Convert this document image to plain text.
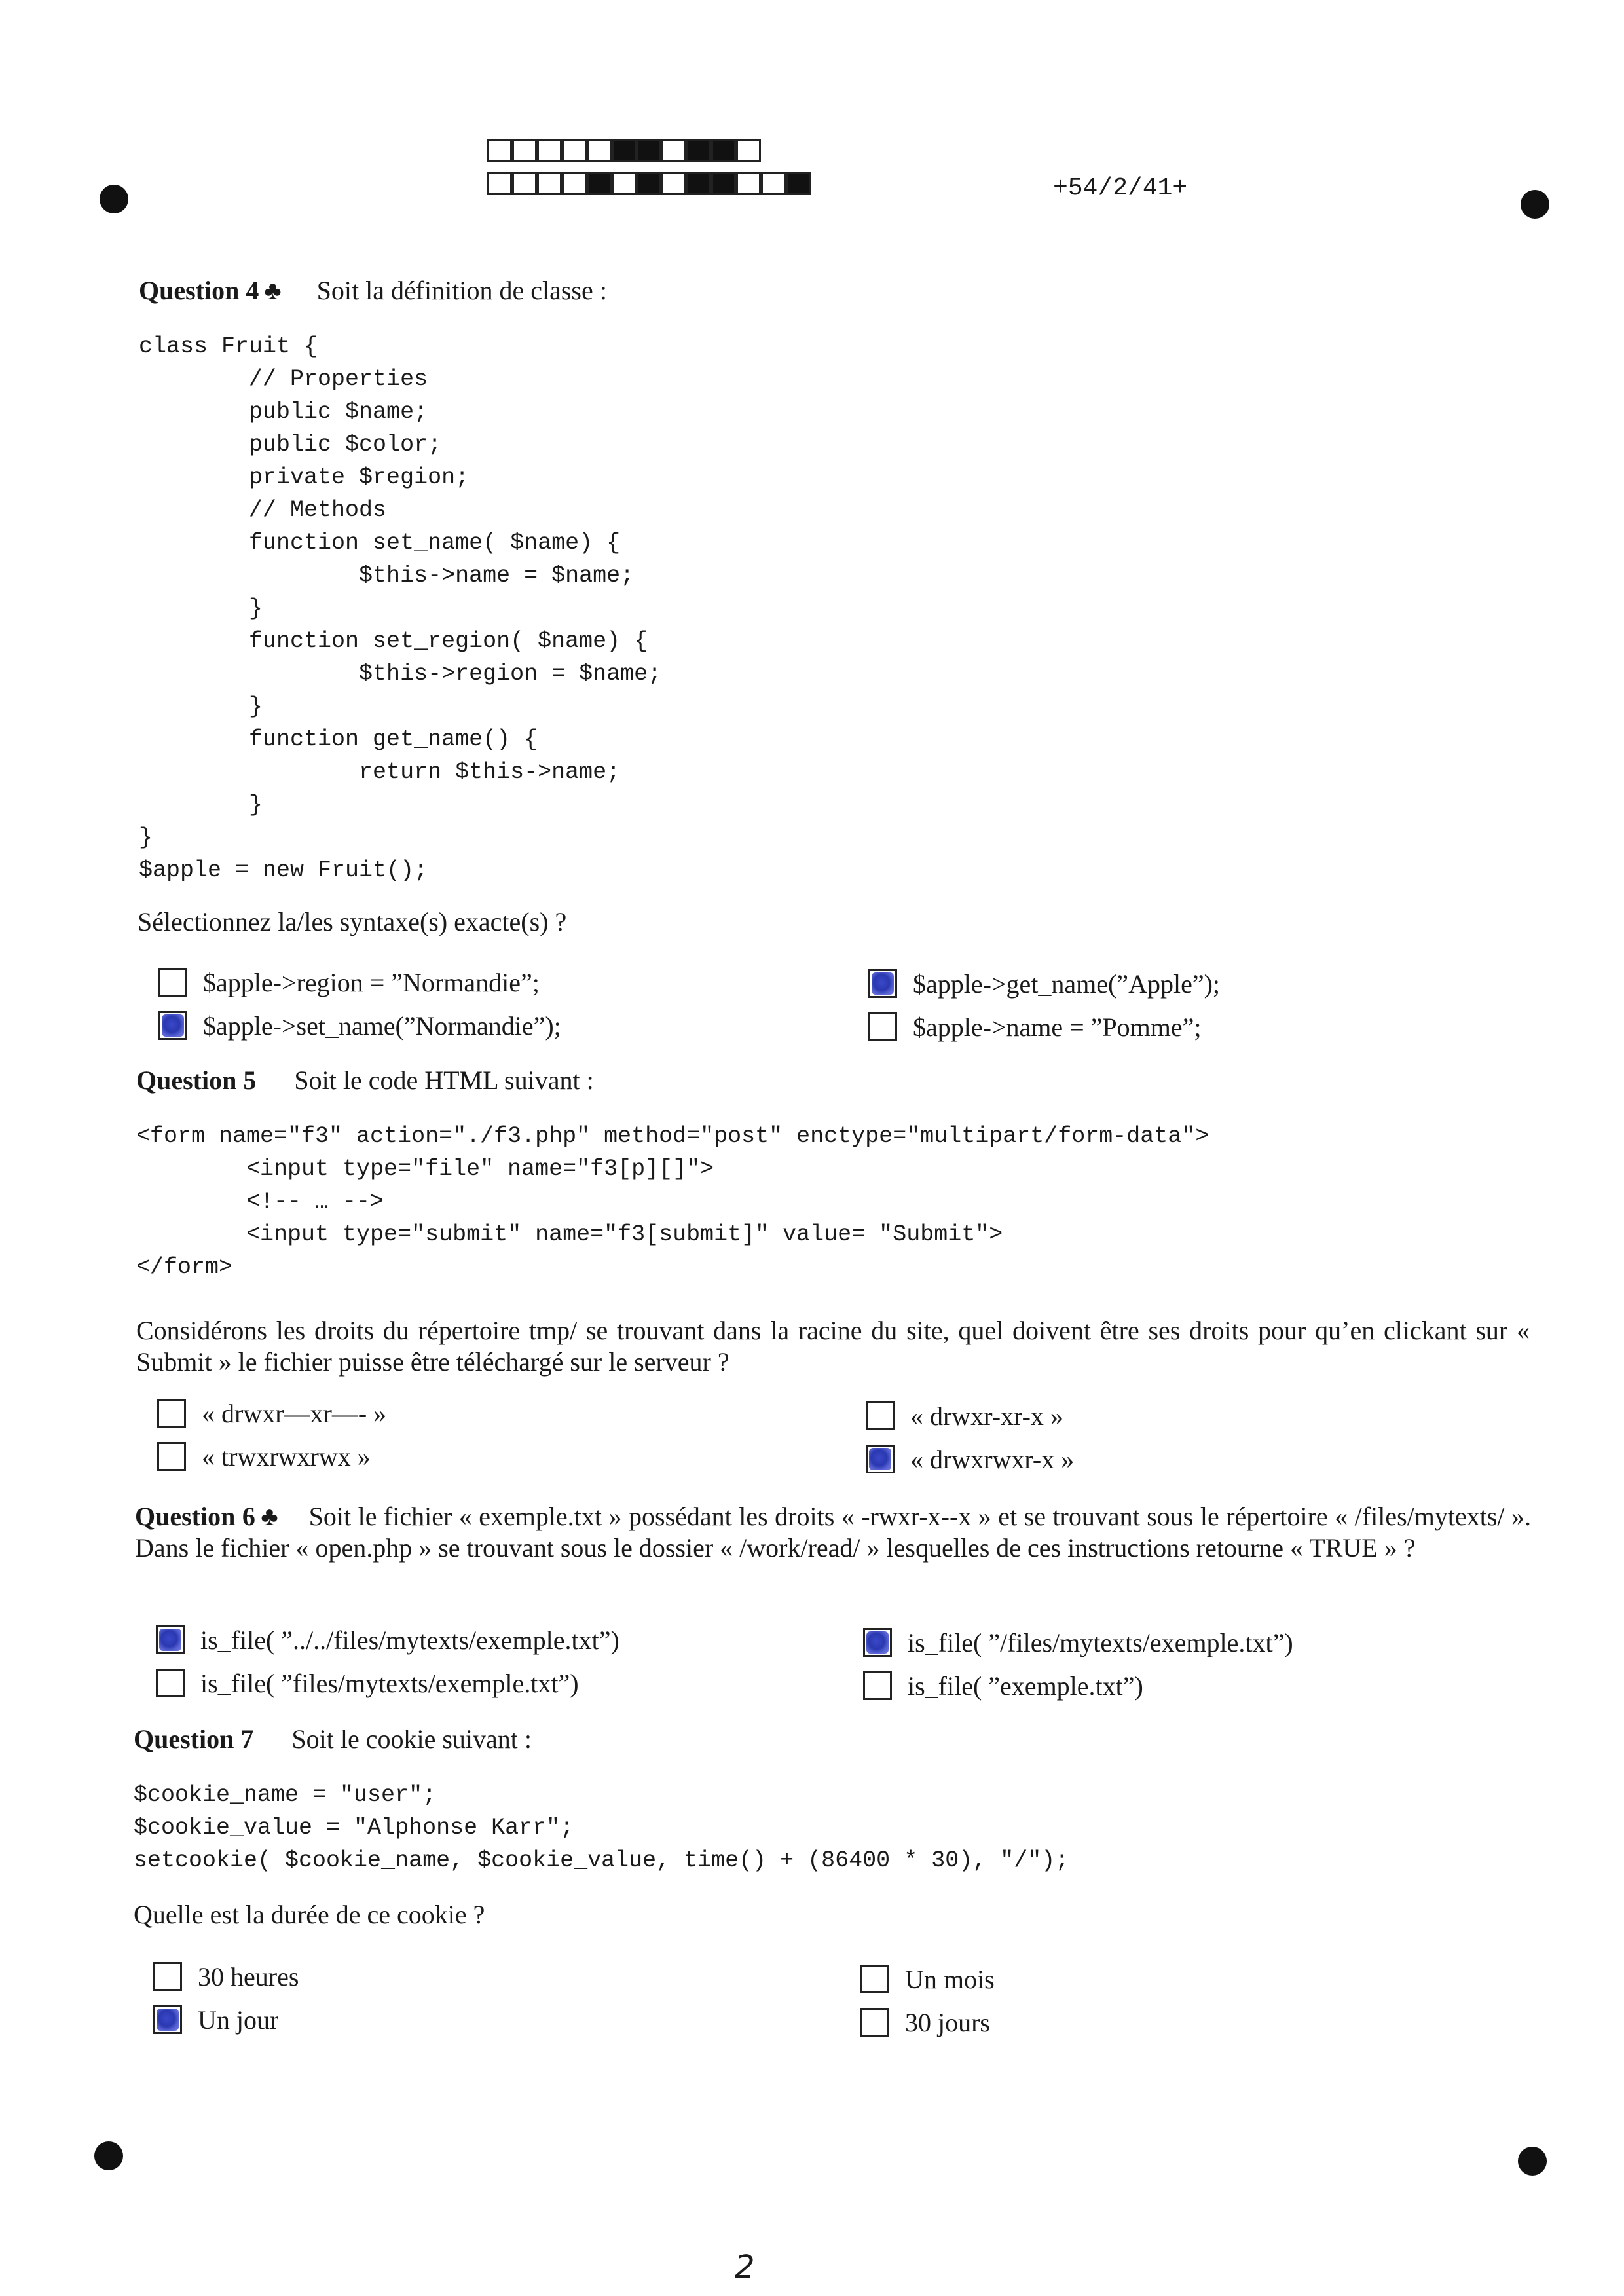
+54/2/41+
Question 4 ♣ Soit la définition de classe :
class Fruit {
// Properties
public $name;
public $color;
private $region;
// Methods
function set_name( $name) {
$this->name = $name;
}
function set_region( $name) {
$this->region = $name;
}
function get_name() {
return $this->name;
}
}
$apple = new Fruit();
Sélectionnez la/les syntaxe(s) exacte(s) ?
$apple->region = ”Normandie”;	$apple->get_name(”Apple”);
$apple->set_name(”Normandie”);	$apple->name = ”Pomme”;
Question 5 Soit le code HTML suivant :
<form name="f3" action="./f3.php" method="post" enctype="multipart/form-data">
<input type="file" name="f3[p][]">
<!-- … -->
<input type="submit" name="f3[submit]" value= "Submit">
</form>
Considérons les droits du répertoire tmp/ se trouvant dans la racine du site, quel doivent être ses droits pour qu’en clickant sur « Submit » le fichier puisse être téléchargé sur le serveur ?
« drwxr—xr—- »	« drwxr-xr-x »
« trwxrwxrwx »	« drwxrwxr-x »
Question 6 ♣ Soit le fichier « exemple.txt » possédant les droits « -rwxr-x--x » et se trouvant sous le répertoire « /files/mytexts/ ». Dans le fichier « open.php » se trouvant sous le dossier « /work/read/ » lesquelles de ces instructions retourne « TRUE » ?
is_file( ”../../files/mytexts/exemple.txt”)	is_file( ”/files/mytexts/exemple.txt”)
is_file( ”files/mytexts/exemple.txt”)	is_file( ”exemple.txt”)
Question 7 Soit le cookie suivant :
$cookie_name = "user";
$cookie_value = "Alphonse Karr";
setcookie( $cookie_name, $cookie_value, time() + (86400 * 30), "/");
Quelle est la durée de ce cookie ?
30 heures	Un mois
Un jour	30 jours
2
